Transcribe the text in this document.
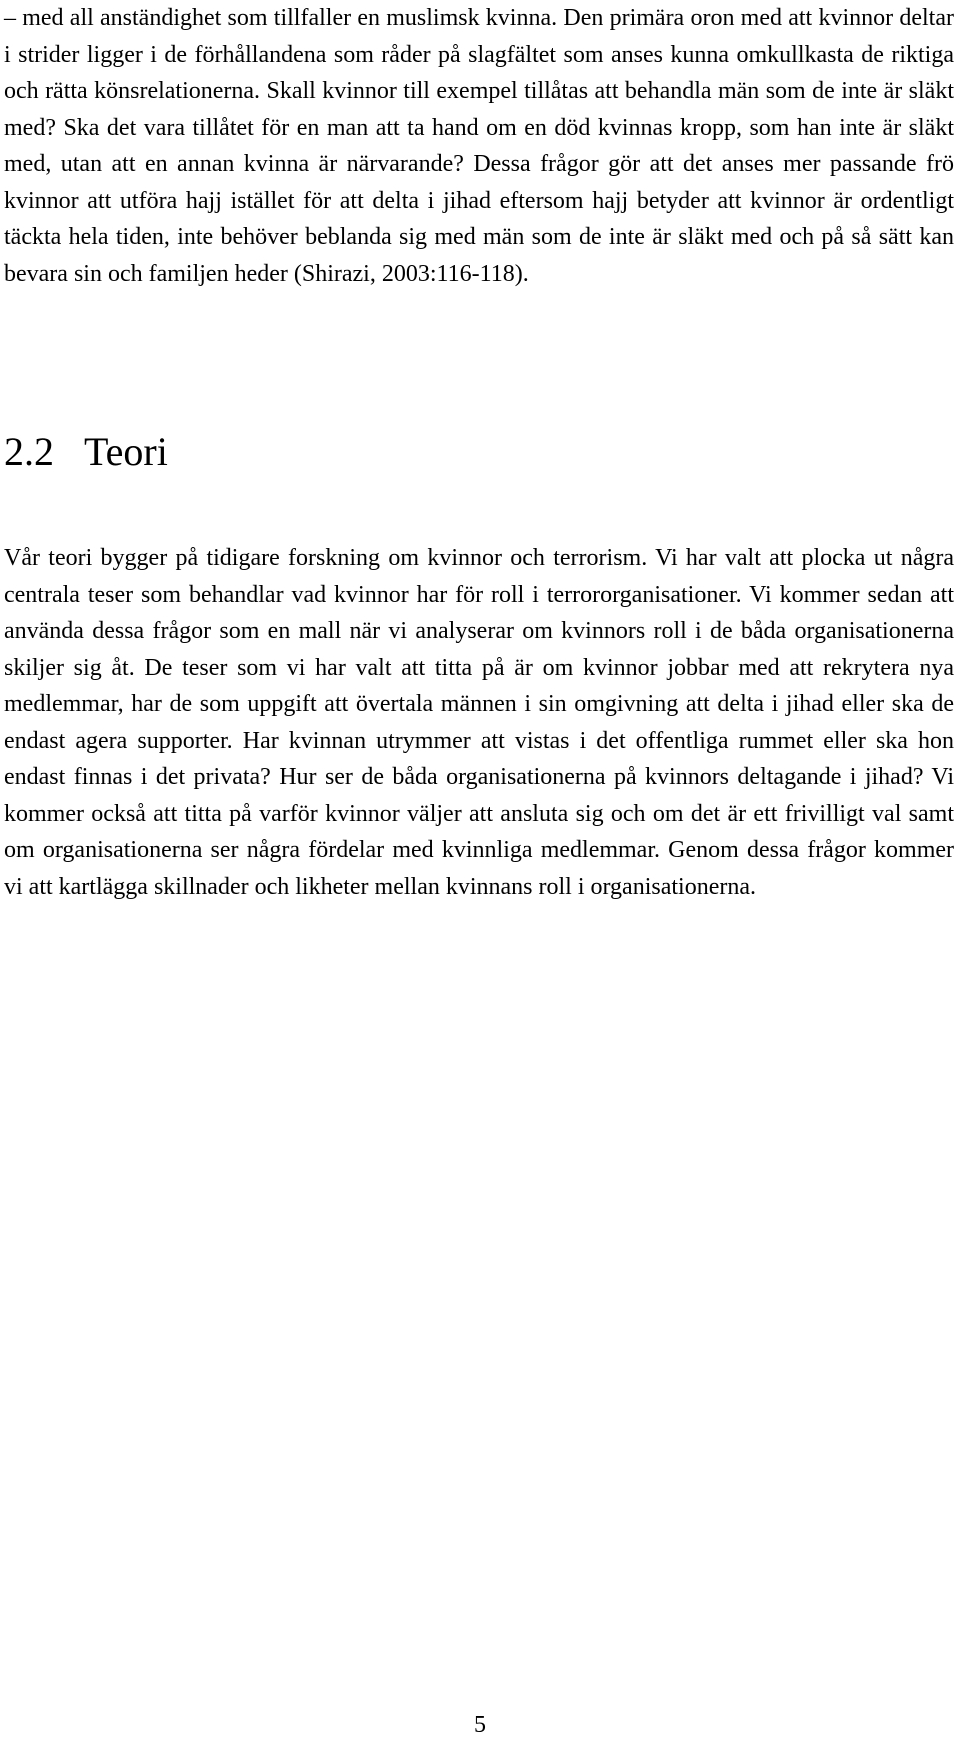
– med all anständighet som tillfaller en muslimsk kvinna. Den primära oron med att kvinnor deltar i strider ligger i de förhållandena som råder på slagfältet som anses kunna omkullkasta de riktiga och rätta könsrelationerna. Skall kvinnor till exempel tillåtas att behandla män som de inte är släkt med? Ska det vara tillåtet för en man att ta hand om en död kvinnas kropp, som han inte är släkt med, utan att en annan kvinna är närvarande? Dessa frågor gör att det anses mer passande frö kvinnor att utföra hajj istället för att delta i jihad eftersom hajj betyder att kvinnor är ordentligt täckta hela tiden, inte behöver beblanda sig med män som de inte är släkt med och på så sätt kan bevara sin och familjen heder (Shirazi, 2003:116-118).

2.2 Teori

Vår teori bygger på tidigare forskning om kvinnor och terrorism. Vi har valt att plocka ut några centrala teser som behandlar vad kvinnor har för roll i terrororganisationer. Vi kommer sedan att använda dessa frågor som en mall när vi analyserar om kvinnors roll i de båda organisationerna skiljer sig åt. De teser som vi har valt att titta på är om kvinnor jobbar med att rekrytera nya medlemmar, har de som uppgift att övertala männen i sin omgivning att delta i jihad eller ska de endast agera supporter. Har kvinnan utrymmer att vistas i det offentliga rummet eller ska hon endast finnas i det privata? Hur ser de båda organisationerna på kvinnors deltagande i jihad? Vi kommer också att titta på varför kvinnor väljer att ansluta sig och om det är ett frivilligt val samt om organisationerna ser några fördelar med kvinnliga medlemmar. Genom dessa frågor kommer vi att kartlägga skillnader och likheter mellan kvinnans roll i organisationerna.

5
